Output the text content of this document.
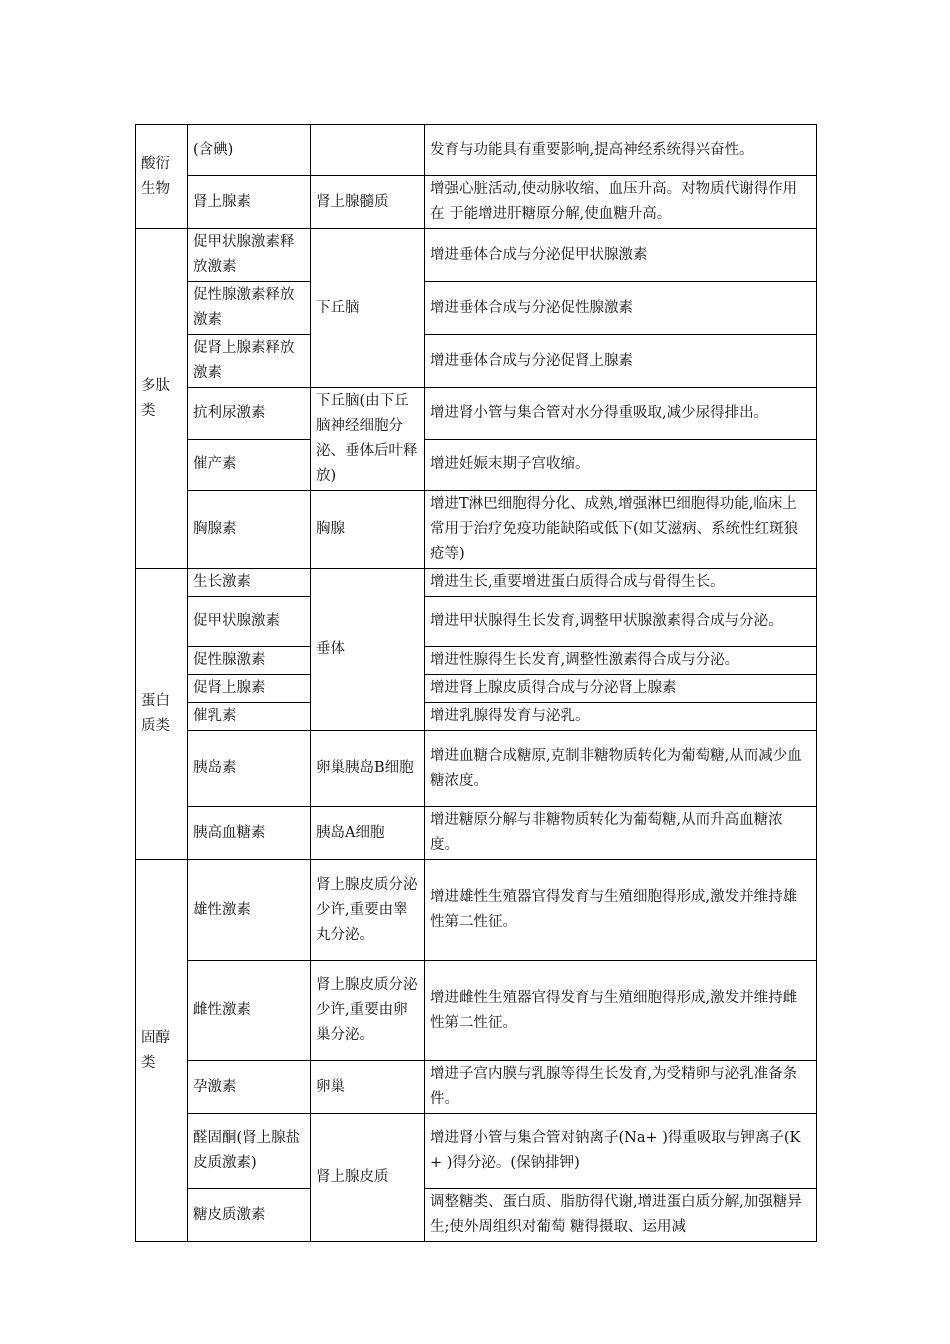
酸衍生物	(含碘)		发育与功能具有重要影响,提高神经系统得兴奋性。
	肾上腺素	肾上腺髓质	增强心脏活动,使动脉收缩、血压升高。对物质代谢得作用在 于能增进肝糖原分解,使血糖升高。
多肽类	促甲状腺激素释放激素	下丘脑	增进垂体合成与分泌促甲状腺激素
	促性腺激素释放激素		增进垂体合成与分泌促性腺激素
	促肾上腺素释放激素		增进垂体合成与分泌促肾上腺素
	抗利尿激素	下丘脑(由下丘脑神经细胞分泌、垂体后叶释放)	增进肾小管与集合管对水分得重吸取,减少尿得排出。
	催产素		增进妊娠末期子宫收缩。
	胸腺素	胸腺	增进T淋巴细胞得分化、成熟,增强淋巴细胞得功能,临床上常用于治疗免疫功能缺陷或低下(如艾滋病、系统性红斑狼疮等)
蛋白质类	生长激素	垂体	增进生长,重要增进蛋白质得合成与骨得生长。
	促甲状腺激素		增进甲状腺得生长发育,调整甲状腺激素得合成与分泌。
	促性腺激素		增进性腺得生长发育,调整性激素得合成与分泌。
	促肾上腺素		增进肾上腺皮质得合成与分泌肾上腺素
	催乳素		增进乳腺得发育与泌乳。
	胰岛素	卵巢胰岛B细胞	增进血糖合成糖原,克制非糖物质转化为葡萄糖,从而减少血糖浓度。
	胰高血糖素	胰岛A细胞	增进糖原分解与非糖物质转化为葡萄糖,从而升高血糖浓度。
固醇类	雄性激素	肾上腺皮质分泌少许,重要由睾丸分泌。	增进雄性生殖器官得发育与生殖细胞得形成,激发并维持雄性第二性征。
	雌性激素	肾上腺皮质分泌少许,重要由卵巢分泌。	增进雌性生殖器官得发育与生殖细胞得形成,激发并维持雌性第二性征。
	孕激素	卵巢	增进子宫内膜与乳腺等得生长发育,为受精卵与泌乳准备条件。
	醛固酮(肾上腺盐皮质激素)	肾上腺皮质	增进肾小管与集合管对钠离子(Na+ )得重吸取与钾离子(K+ )得分泌。(保钠排钾)
	糖皮质激素		调整糖类、蛋白质、脂肪得代谢,增进蛋白质分解,加强糖异生;使外周组织对葡萄 糖得摄取、运用减
